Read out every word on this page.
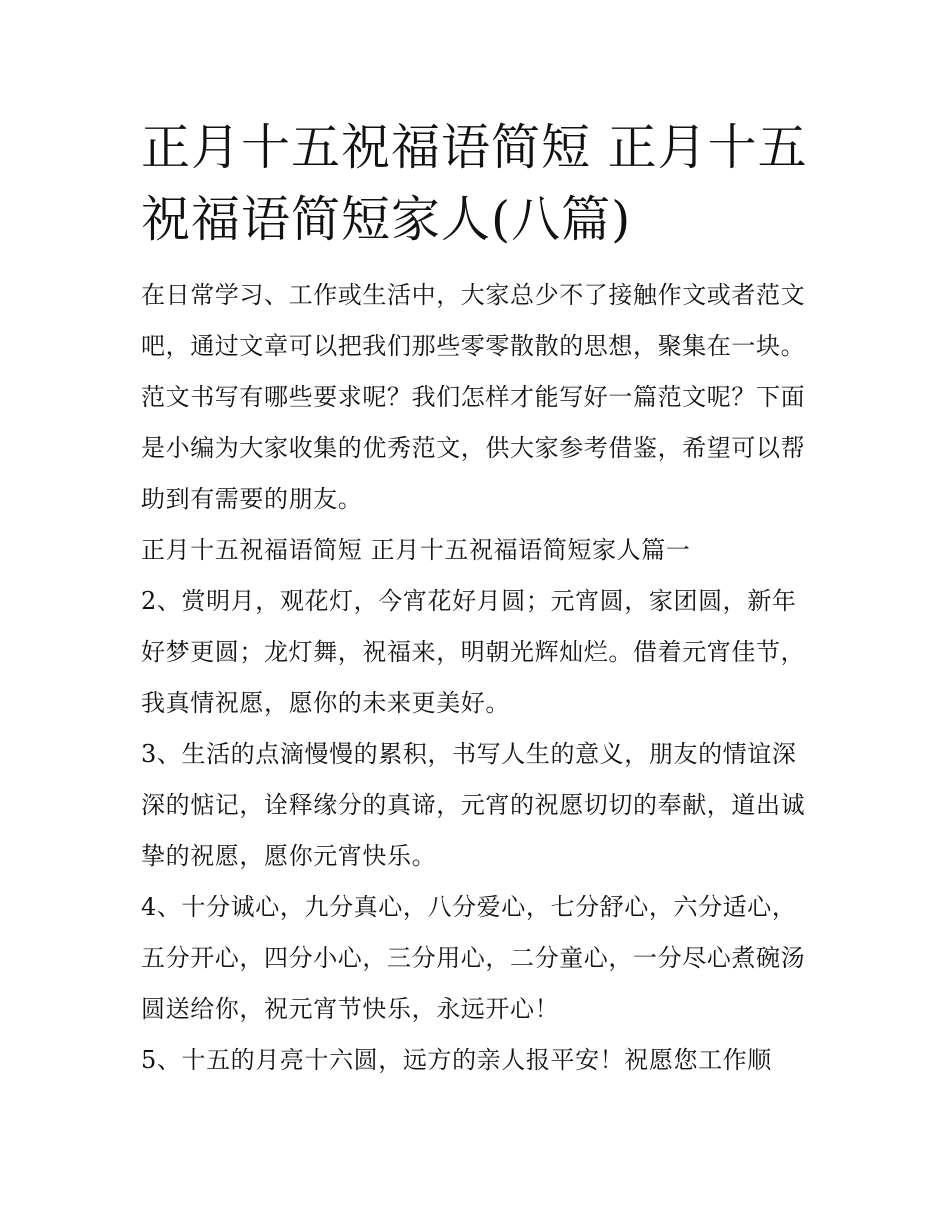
正月十五祝福语简短 正月十五祝福语简短家人(八篇)

在日常学习、工作或生活中，大家总少不了接触作文或者范文吧，通过文章可以把我们那些零零散散的思想，聚集在一块。范文书写有哪些要求呢？我们怎样才能写好一篇范文呢？下面是小编为大家收集的优秀范文，供大家参考借鉴，希望可以帮助到有需要的朋友。

正月十五祝福语简短 正月十五祝福语简短家人篇一

2、赏明月，观花灯，今宵花好月圆；元宵圆，家团圆，新年好梦更圆；龙灯舞，祝福来，明朝光辉灿烂。借着元宵佳节，我真情祝愿，愿你的未来更美好。

3、生活的点滴慢慢的累积，书写人生的意义，朋友的情谊深深的惦记，诠释缘分的真谛，元宵的祝愿切切的奉献，道出诚挚的祝愿，愿你元宵快乐。

4、十分诚心，九分真心，八分爱心，七分舒心，六分适心，五分开心，四分小心，三分用心，二分童心，一分尽心煮碗汤圆送给你，祝元宵节快乐，永远开心！

5、十五的月亮十六圆，远方的亲人报平安！祝愿您工作顺
